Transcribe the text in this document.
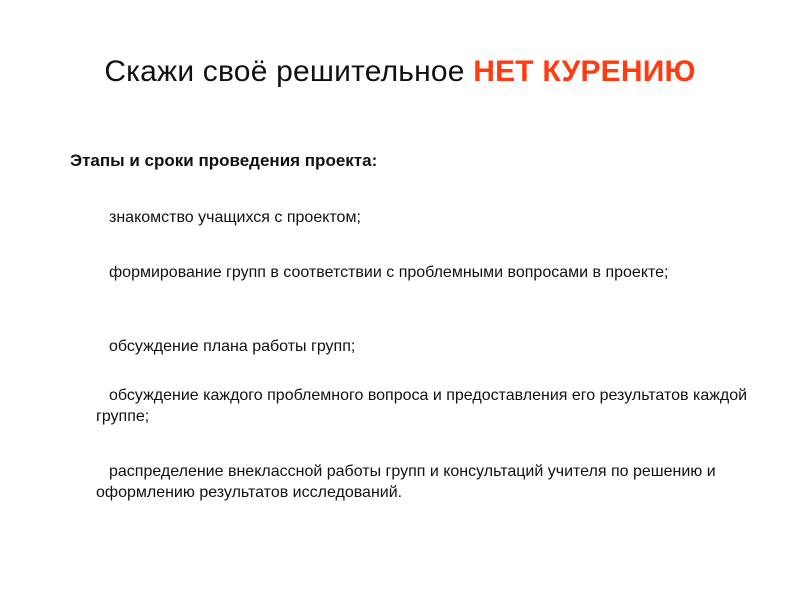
Скажи своё решительное НЕТ КУРЕНИЮ
Этапы и сроки проведения проекта:
знакомство учащихся с проектом;
формирование групп в соответствии с проблемными вопросами в проекте;
обсуждение плана работы групп;
обсуждение каждого проблемного вопроса и предоставления его результатов каждой группе;
распределение внеклассной работы групп и консультаций учителя по решению и оформлению результатов исследований.
